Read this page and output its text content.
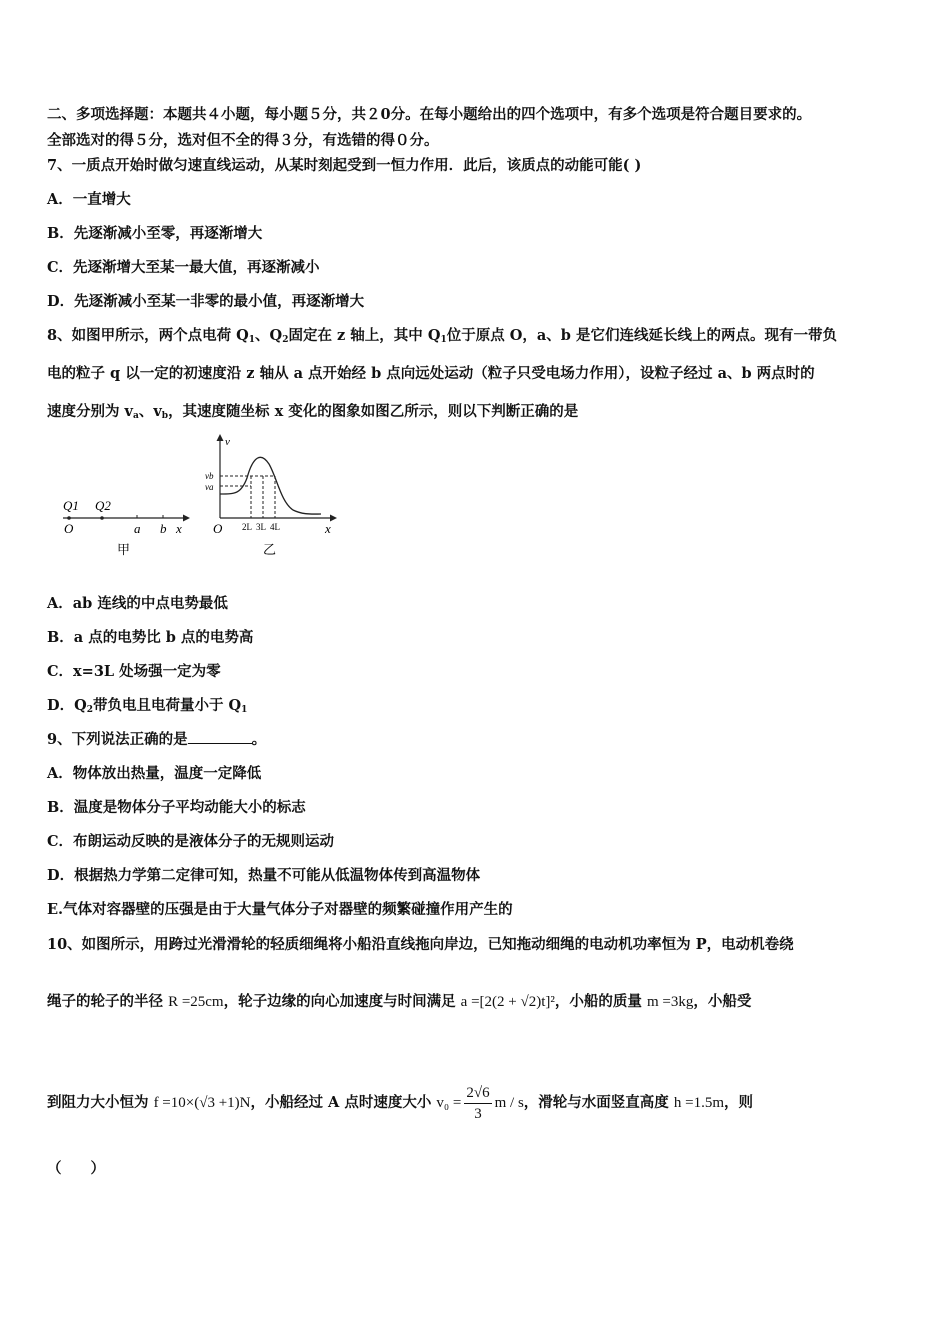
二、多项选择题：本题共４小题，每小题５分，共２0分。在每小题给出的四个选项中，有多个选项是符合题目要求的。
全部选对的得５分，选对但不全的得３分，有选错的得０分。
7、一质点开始时做匀速直线运动，从某时刻起受到一恒力作用．此后，该质点的动能可能( )
A．一直增大
B．先逐渐减小至零，再逐渐增大
C．先逐渐增大至某一最大值，再逐渐减小
D．先逐渐减小至某一非零的最小值，再逐渐增大
8、如图甲所示，两个点电荷 $Q_1$、$Q_2$固定在 z 轴上，其中 $Q_1$位于原点 O，a、b 是它们连线延长线上的两点。现有一带负
电的粒子 q 以一定的初速度沿 z 轴从 a 点开始经 b 点向远处运动（粒子只受电场力作用），设粒子经过 a、b 两点时的
速度分别为 $v_a$、$v_b$，其速度随坐标 x 变化的图象如图乙所示，则以下判断正确的是
Q1 Q2
O	a b x
甲
v
vb
va
O 2L 3L 4L	x
乙
A．ab 连线的中点电势最低
B．a 点的电势比 b 点的电势高
C．x=3L 处场强一定为零
D．$Q_2$带负电且电荷量小于 $Q_1$
9、下列说法正确的是	。
A．物体放出热量，温度一定降低
B．温度是物体分子平均动能大小的标志
C．布朗运动反映的是液体分子的无规则运动
D．根据热力学第二定律可知，热量不可能从低温物体传到高温物体
E.气体对容器壁的压强是由于大量气体分子对器壁的频繁碰撞作用产生的
10、如图所示，用跨过光滑滑轮的轻质细绳将小船沿直线拖向岸边，已知拖动细绳的电动机功率恒为 P，电动机卷绕
绳子的轮子的半径 R =25cm，轮子边缘的向心加速度与时间满足 a =[2(2 + √2)t]²，小船的质量 m =3kg，小船受
到阻力大小恒为 f =10×(√3 +1)N，小船经过 A 点时速度大小 $v_0 = \frac{2√6}{3}$ m / s，滑轮与水面竖直高度 h =1.5m，则
（　　）
